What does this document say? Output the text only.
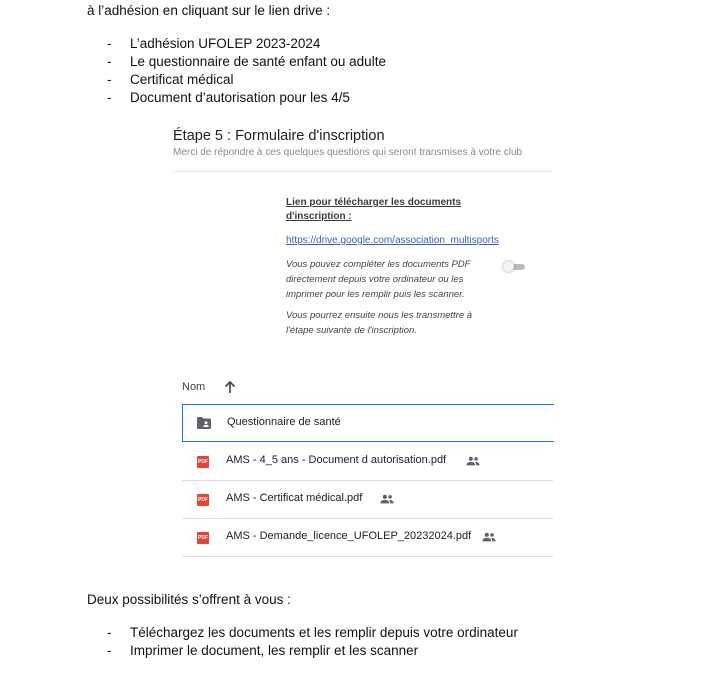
à l’adhésion en cliquant sur le lien drive :
- L’adhésion UFOLEP 2023-2024
- Le questionnaire de santé enfant ou adulte
- Certificat médical
- Document d’autorisation pour les 4/5
Étape 5 : Formulaire d'inscription
Merci de répondre à ces quelques questions qui seront transmises à votre club
Lien pour télécharger les documents d'inscription :
https://drive.google.com/association_multisports
Vous pouvez compléter les documents PDF directement depuis votre ordinateur ou les imprimer pour les remplir puis les scanner.
Vous pourrez ensuite nous les transmettre à l'étape suivante de l'inscription.
Nom
Questionnaire de santé
PDF AMS - 4_5 ans - Document d autorisation.pdf
PDF AMS - Certificat médical.pdf
PDF AMS - Demande_licence_UFOLEP_20232024.pdf
Deux possibilités s’offrent à vous :
- Téléchargez les documents et les remplir depuis votre ordinateur
- Imprimer le document, les remplir et les scanner
